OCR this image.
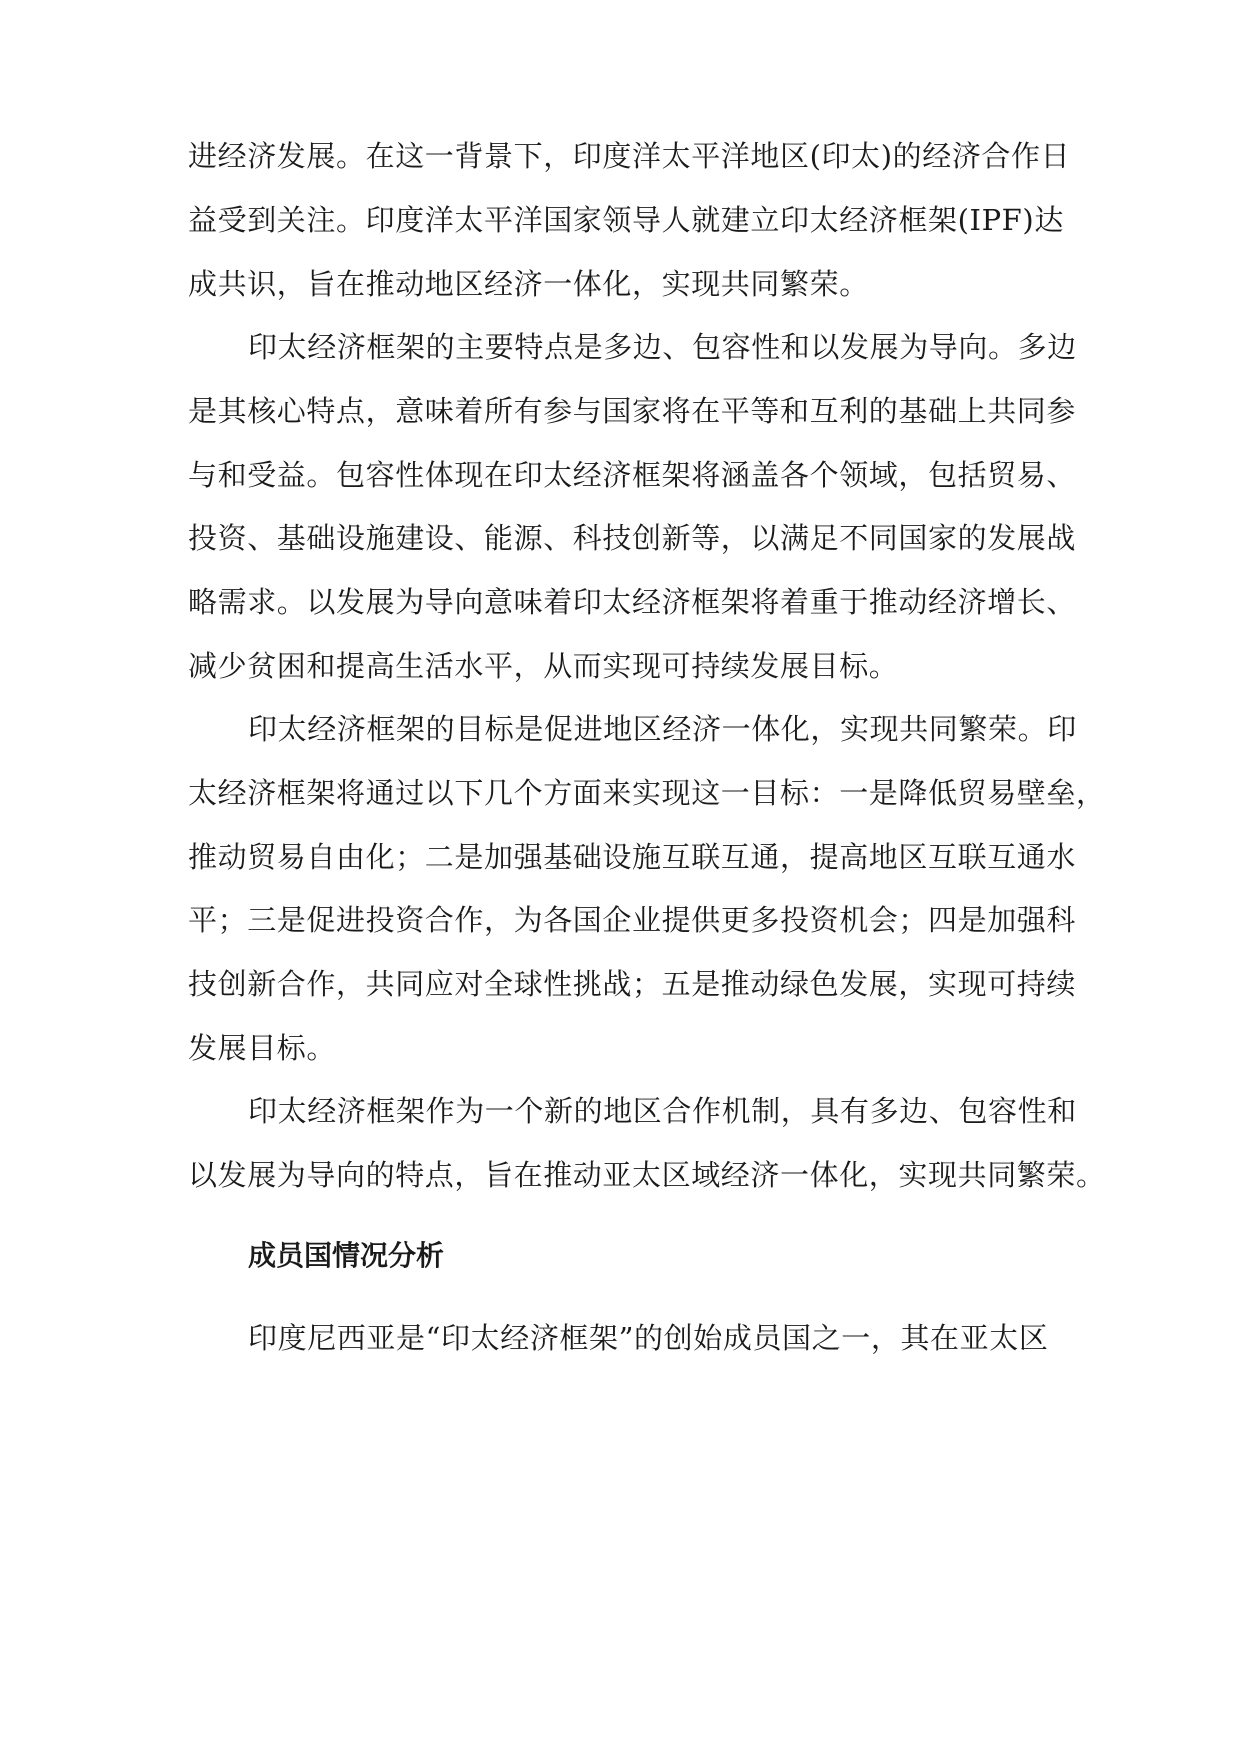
进经济发展。在这一背景下，印度洋太平洋地区(印太)的经济合作日
益受到关注。印度洋太平洋国家领导人就建立印太经济框架(IPF)达
成共识，旨在推动地区经济一体化，实现共同繁荣。
印太经济框架的主要特点是多边、包容性和以发展为导向。多边
是其核心特点，意味着所有参与国家将在平等和互利的基础上共同参
与和受益。包容性体现在印太经济框架将涵盖各个领域，包括贸易、
投资、基础设施建设、能源、科技创新等，以满足不同国家的发展战
略需求。以发展为导向意味着印太经济框架将着重于推动经济增长、
减少贫困和提高生活水平，从而实现可持续发展目标。
印太经济框架的目标是促进地区经济一体化，实现共同繁荣。印
太经济框架将通过以下几个方面来实现这一目标：一是降低贸易壁垒，
推动贸易自由化；二是加强基础设施互联互通，提高地区互联互通水
平；三是促进投资合作，为各国企业提供更多投资机会；四是加强科
技创新合作，共同应对全球性挑战；五是推动绿色发展，实现可持续
发展目标。
印太经济框架作为一个新的地区合作机制，具有多边、包容性和
以发展为导向的特点，旨在推动亚太区域经济一体化，实现共同繁荣。
成员国情况分析
印度尼西亚是“印太经济框架”的创始成员国之一，其在亚太区
